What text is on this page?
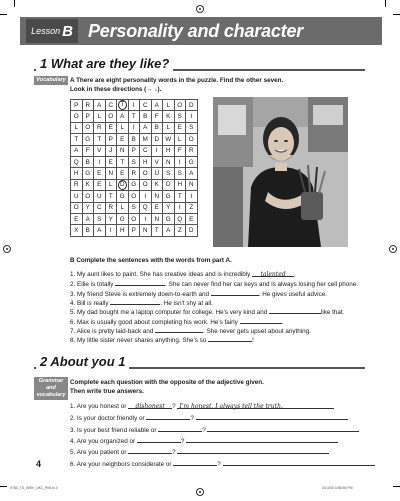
Lesson B Personality and character
1 What are they like?
Vocabulary A There are eight personality words in the puzzle. Find the other seven.
Look in these directions (→ ↓).
P	R	A	C	T	I	C	A	L	O	D
O	P	L	O	A	T	B	F	K	S	I
L	O	R	E	L	I	A	B	L	E	S
T	G	T	P	E	B	M	D	W	L	O
A	F	V	J	N	P	C	I	H	F	R
Q	B	I	E	T	S	H	V	N	I	G
H	G	E	N	E	R	O	U	S	S	A
R	K	E	L	D	G	O	K	D	H	N
U	O	U	T	G	O	I	N	G	T	I
O	Y	C	R	L	S	Q	E	Y	I	Z
E	A	S	Y	G	O	I	N	G	Q	E
X	B	A	I	H	P	N	T	A	Z	D
B Complete the sentences with the words from part A.
1. My aunt likes to paint. She has creative ideas and is incredibly talented .
2. Ellie is totally	. She can never find her car keys and is always losing her cell phone.
3. My friend Steve is extremely down-to-earth and	. He gives useful advice.
4. Bill is really	. He isn't shy at all.
5. My dad bought me a laptop computer for college. He's very kind and	like that.
6. Max is usually good about completing his work. He's fairly	.
7. Alice is pretty laid-back and	. She never gets upset about anything.
8. My little sister never shares anything. She's so	!
2 About you 1
Grammar
and
vocabulary
Complete each question with the opposite of the adjective given.
Then write true answers.
1. Are you honest or dishonest ? I'm honest. I always tell the truth.
2. Is your doctor friendly or	?
3. Is your best friend reliable or	?
4. Are you organized or	?
5. Are you patient or	?
6. Are your neighbors considerate or	?
4
9780_TS_WBV_UK1_P06.tx 4	2/14/00 3:56:56 PM
